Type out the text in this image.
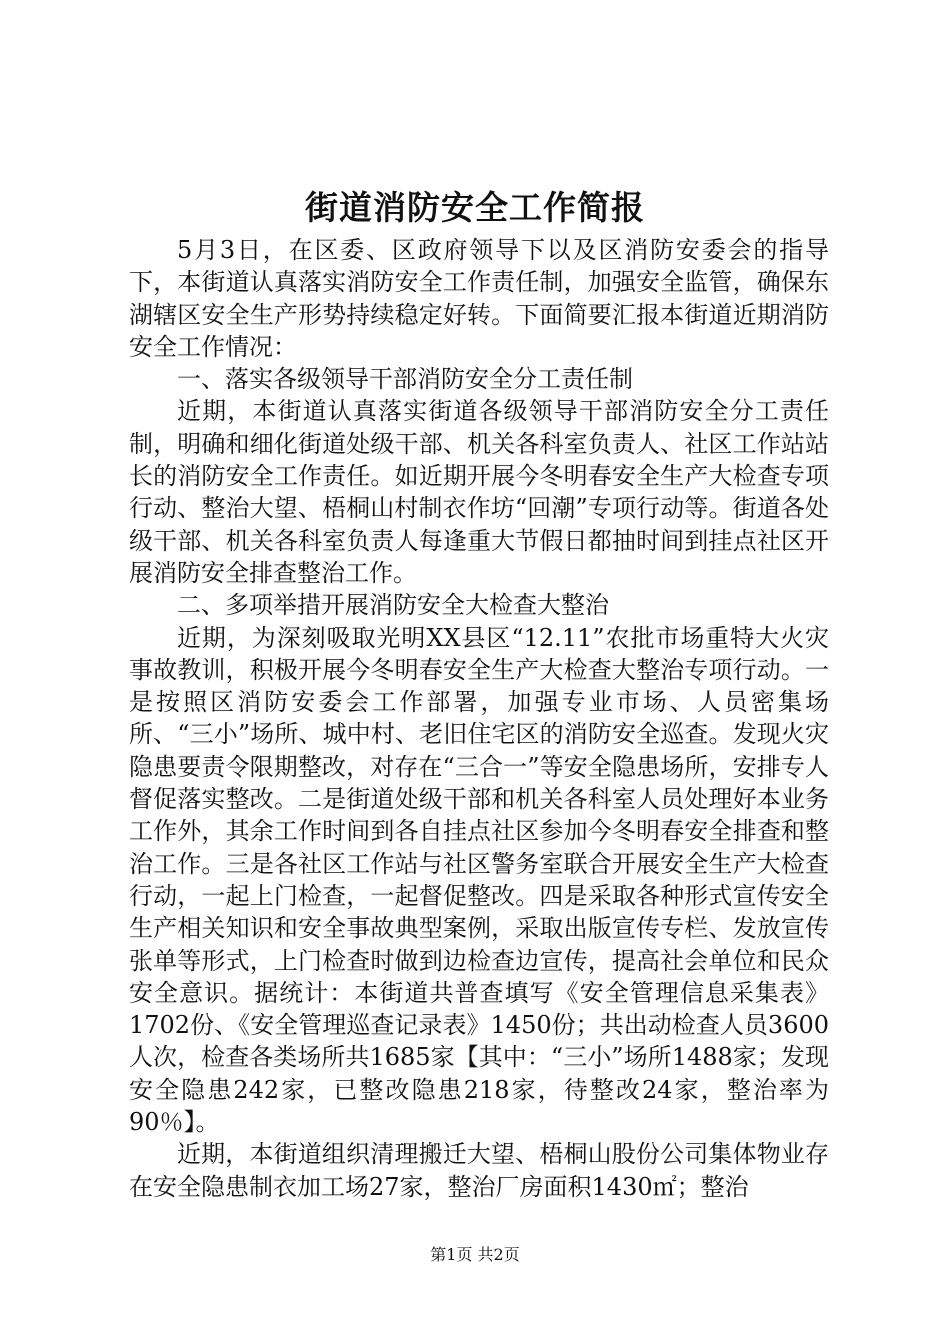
街道消防安全工作简报

5月3日，在区委、区政府领导下以及区消防安委会的指导下，本街道认真落实消防安全工作责任制，加强安全监管，确保东湖辖区安全生产形势持续稳定好转。下面简要汇报本街道近期消防安全工作情况：

一、落实各级领导干部消防安全分工责任制

近期，本街道认真落实街道各级领导干部消防安全分工责任制，明确和细化街道处级干部、机关各科室负责人、社区工作站站长的消防安全工作责任。如近期开展今冬明春安全生产大检查专项行动、整治大望、梧桐山村制衣作坊“回潮”专项行动等。街道各处级干部、机关各科室负责人每逢重大节假日都抽时间到挂点社区开展消防安全排查整治工作。

二、多项举措开展消防安全大检查大整治

近期，为深刻吸取光明XX县区“12.11”农批市场重特大火灾事故教训，积极开展今冬明春安全生产大检查大整治专项行动。一是按照区消防安委会工作部署，加强专业市场、人员密集场所、“三小”场所、城中村、老旧住宅区的消防安全巡查。发现火灾隐患要责令限期整改，对存在“三合一”等安全隐患场所，安排专人督促落实整改。二是街道处级干部和机关各科室人员处理好本业务工作外，其余工作时间到各自挂点社区参加今冬明春安全排查和整治工作。三是各社区工作站与社区警务室联合开展安全生产大检查行动，一起上门检查，一起督促整改。四是采取各种形式宣传安全生产相关知识和安全事故典型案例，采取出版宣传专栏、发放宣传张单等形式，上门检查时做到边检查边宣传，提高社会单位和民众安全意识。据统计：本街道共普查填写《安全管理信息采集表》1702份、《安全管理巡查记录表》1450份；共出动检查人员3600人次，检查各类场所共1685家【其中：“三小”场所1488家；发现安全隐患242家，已整改隐患218家，待整改24家，整治率为90％】。

近期，本街道组织清理搬迁大望、梧桐山股份公司集体物业存在安全隐患制衣加工场27家，整治厂房面积1430㎡；整治

第1页 共2页
